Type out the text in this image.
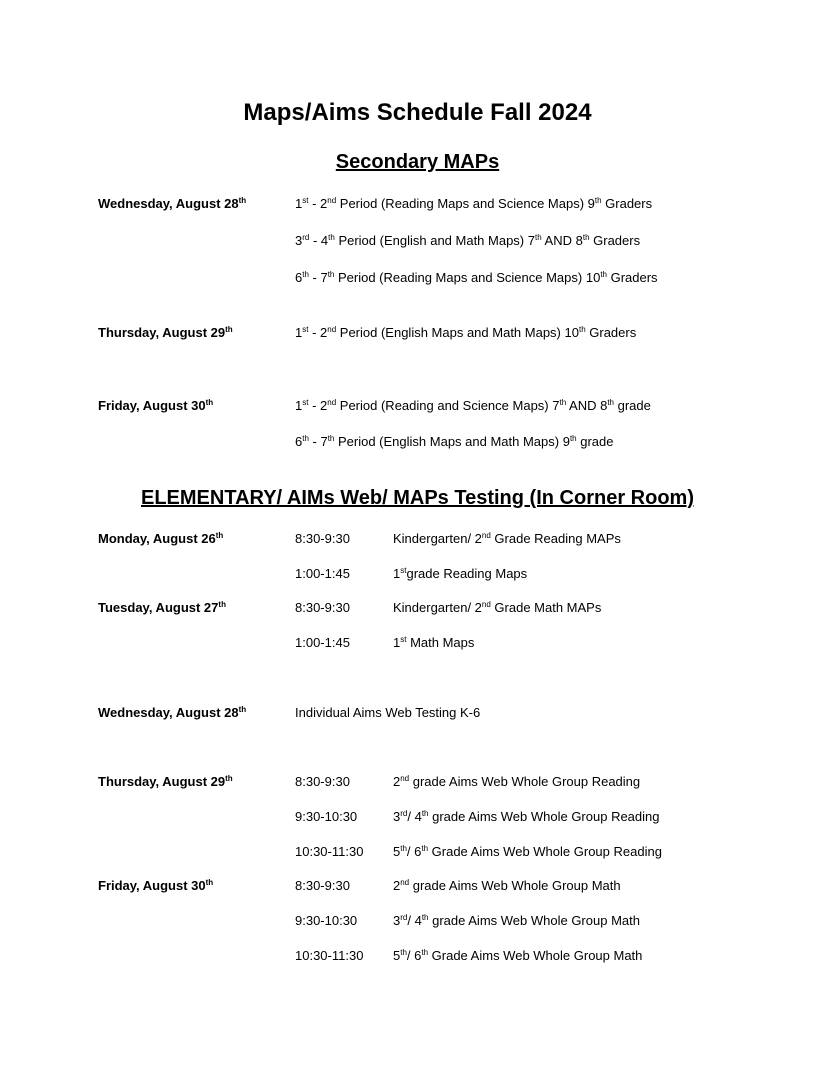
Maps/Aims Schedule Fall 2024
Secondary MAPs
Wednesday, August 28th	1st - 2nd Period (Reading Maps and Science Maps) 9th Graders
3rd - 4th Period (English and Math Maps) 7th AND 8th Graders
6th - 7th Period (Reading Maps and Science Maps) 10th Graders
Thursday, August 29th	1st - 2nd Period (English Maps and Math Maps) 10th Graders
Friday, August 30th	1st - 2nd Period (Reading and Science Maps) 7th AND 8th grade
6th - 7th Period (English Maps and Math Maps) 9th grade
ELEMENTARY/ AIMs Web/ MAPs Testing (In Corner Room)
Monday, August 26th	8:30-9:30	Kindergarten/ 2nd Grade Reading MAPs
1:00-1:45	1stgrade Reading Maps
Tuesday, August 27th	8:30-9:30	Kindergarten/ 2nd Grade Math MAPs
1:00-1:45	1st Math Maps
Wednesday, August 28th	Individual Aims Web Testing K-6
Thursday, August 29th	8:30-9:30	2nd grade Aims Web Whole Group Reading
9:30-10:30	3rd/ 4th grade Aims Web Whole Group Reading
10:30-11:30 5th/ 6th Grade Aims Web Whole Group Reading
Friday, August 30th	8:30-9:30	2nd grade Aims Web Whole Group Math
9:30-10:30	3rd/ 4th grade Aims Web Whole Group Math
10:30-11:30 5th/ 6th Grade Aims Web Whole Group Math
